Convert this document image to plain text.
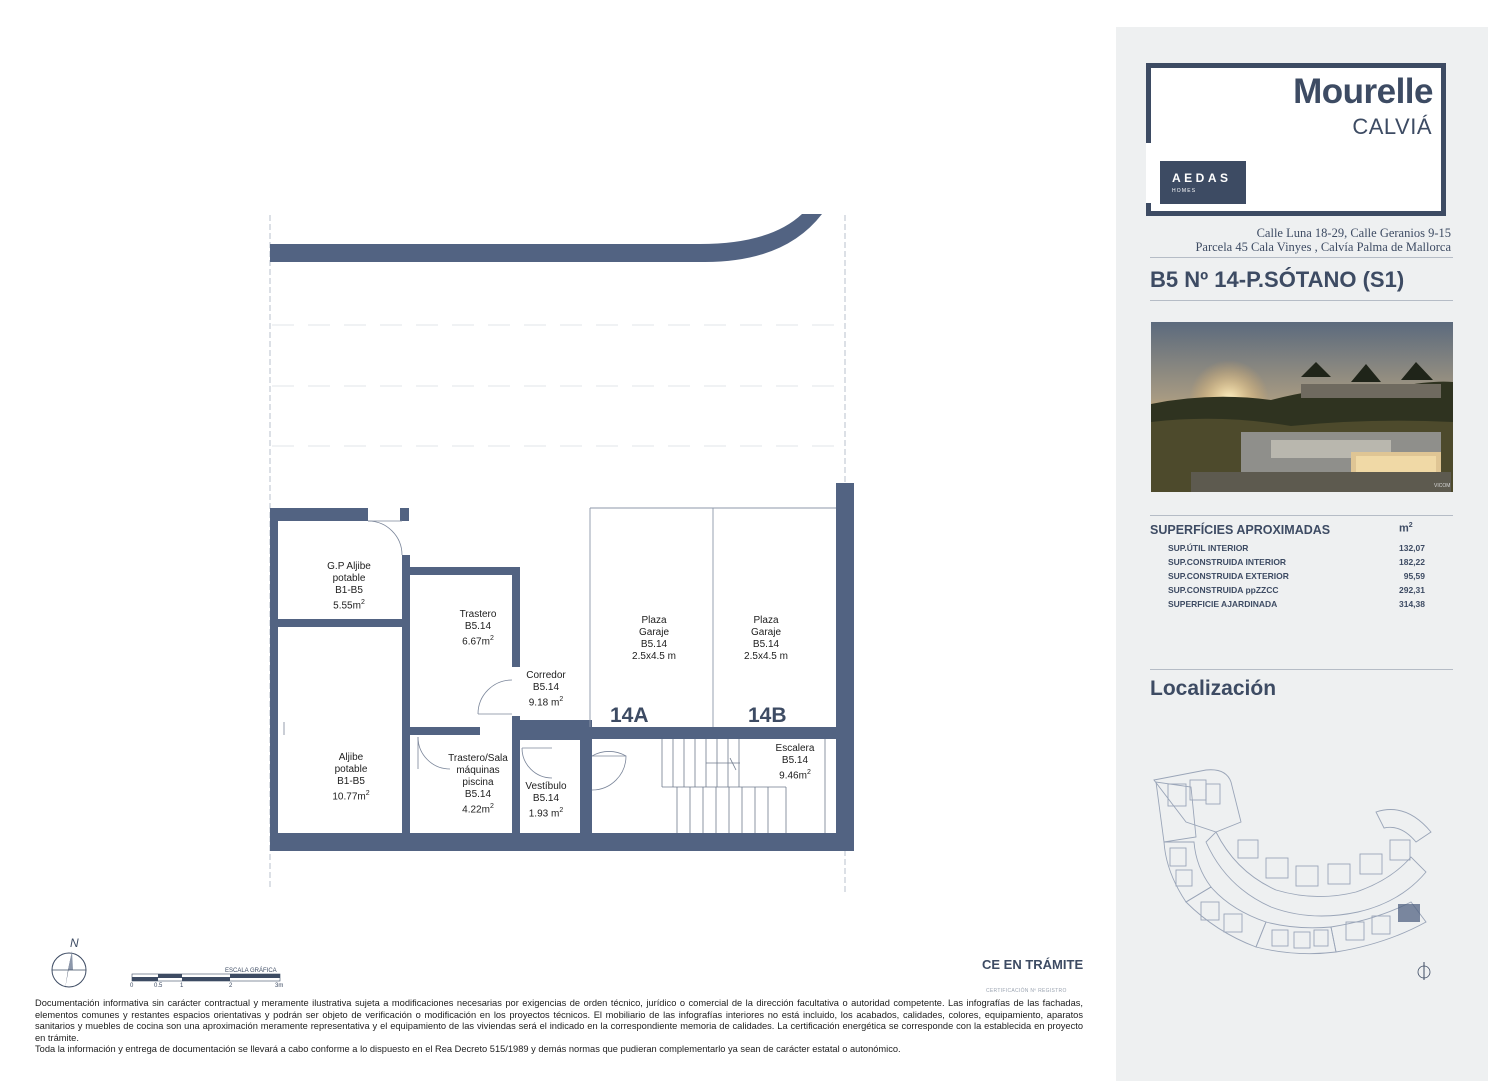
G.P Aljibe
potable
B1-B5
$5.55m^2$
Aljibe
potable
B1-B5
$10.77m^2$
Trastero
B5.14
$6.67m^2$
Trastero/Sala
máquinas
piscina
B5.14
$4.22m^2$
Corredor
B5.14
9.18 $m^2$
Vestíbulo
B5.14
1.93 $m^2$
Plaza
Garaje
B5.14
2.5x4.5 m
Plaza
Garaje
B5.14
2.5x4.5 m
Escalera
B5.14
$9.46m^2$
14A	14B
N
ESCALA GRÁFICA
0	0.5	1	2	3m
CE EN TRÁMITE
CERTIFICACIÓN Nº REGISTRO

Documentación informativa sin carácter contractual y meramente ilustrativa sujeta a modificaciones necesarias por exigencias de orden técnico, jurídico o comercial de la dirección facultativa o autoridad competente. Las infografías de las fachadas, elementos comunes y restantes espacios orientativas y podrán ser objeto de verificación o modificación en los proyectos técnicos. El mobiliario de las infografías interiores no está incluido, los acabados, calidades, colores, equipamiento, aparatos sanitarios y muebles de cocina son una aproximación meramente representativa y el equipamiento de las viviendas será el indicado en la correspondiente memoria de calidades. La certificación energética se corresponde con la establecida en proyecto en trámite.

Toda la información y entrega de documentación se llevará a cabo conforme a lo dispuesto en el Rea Decreto 515/1989 y demás normas que pudieran complementarlo ya sean de carácter estatal o autonómico.

Mourelle
CALVIÁ
AEDAS
HOMES
Calle Luna 18-29, Calle Geranios 9-15
Parcela 45 Cala Vinyes , Calvía Palma de Mallorca
B5 Nº 14-P.SÓTANO (S1)
VICOM
SUPERFÍCIES APROXIMADAS	$m^2$
SUP.ÚTIL INTERIOR	132,07
SUP.CONSTRUIDA INTERIOR	182,22
SUP.CONSTRUIDA EXTERIOR	95,59
SUP.CONSTRUIDA ppZZCC	292,31
SUPERFICIE AJARDINADA	314,38
Localización
